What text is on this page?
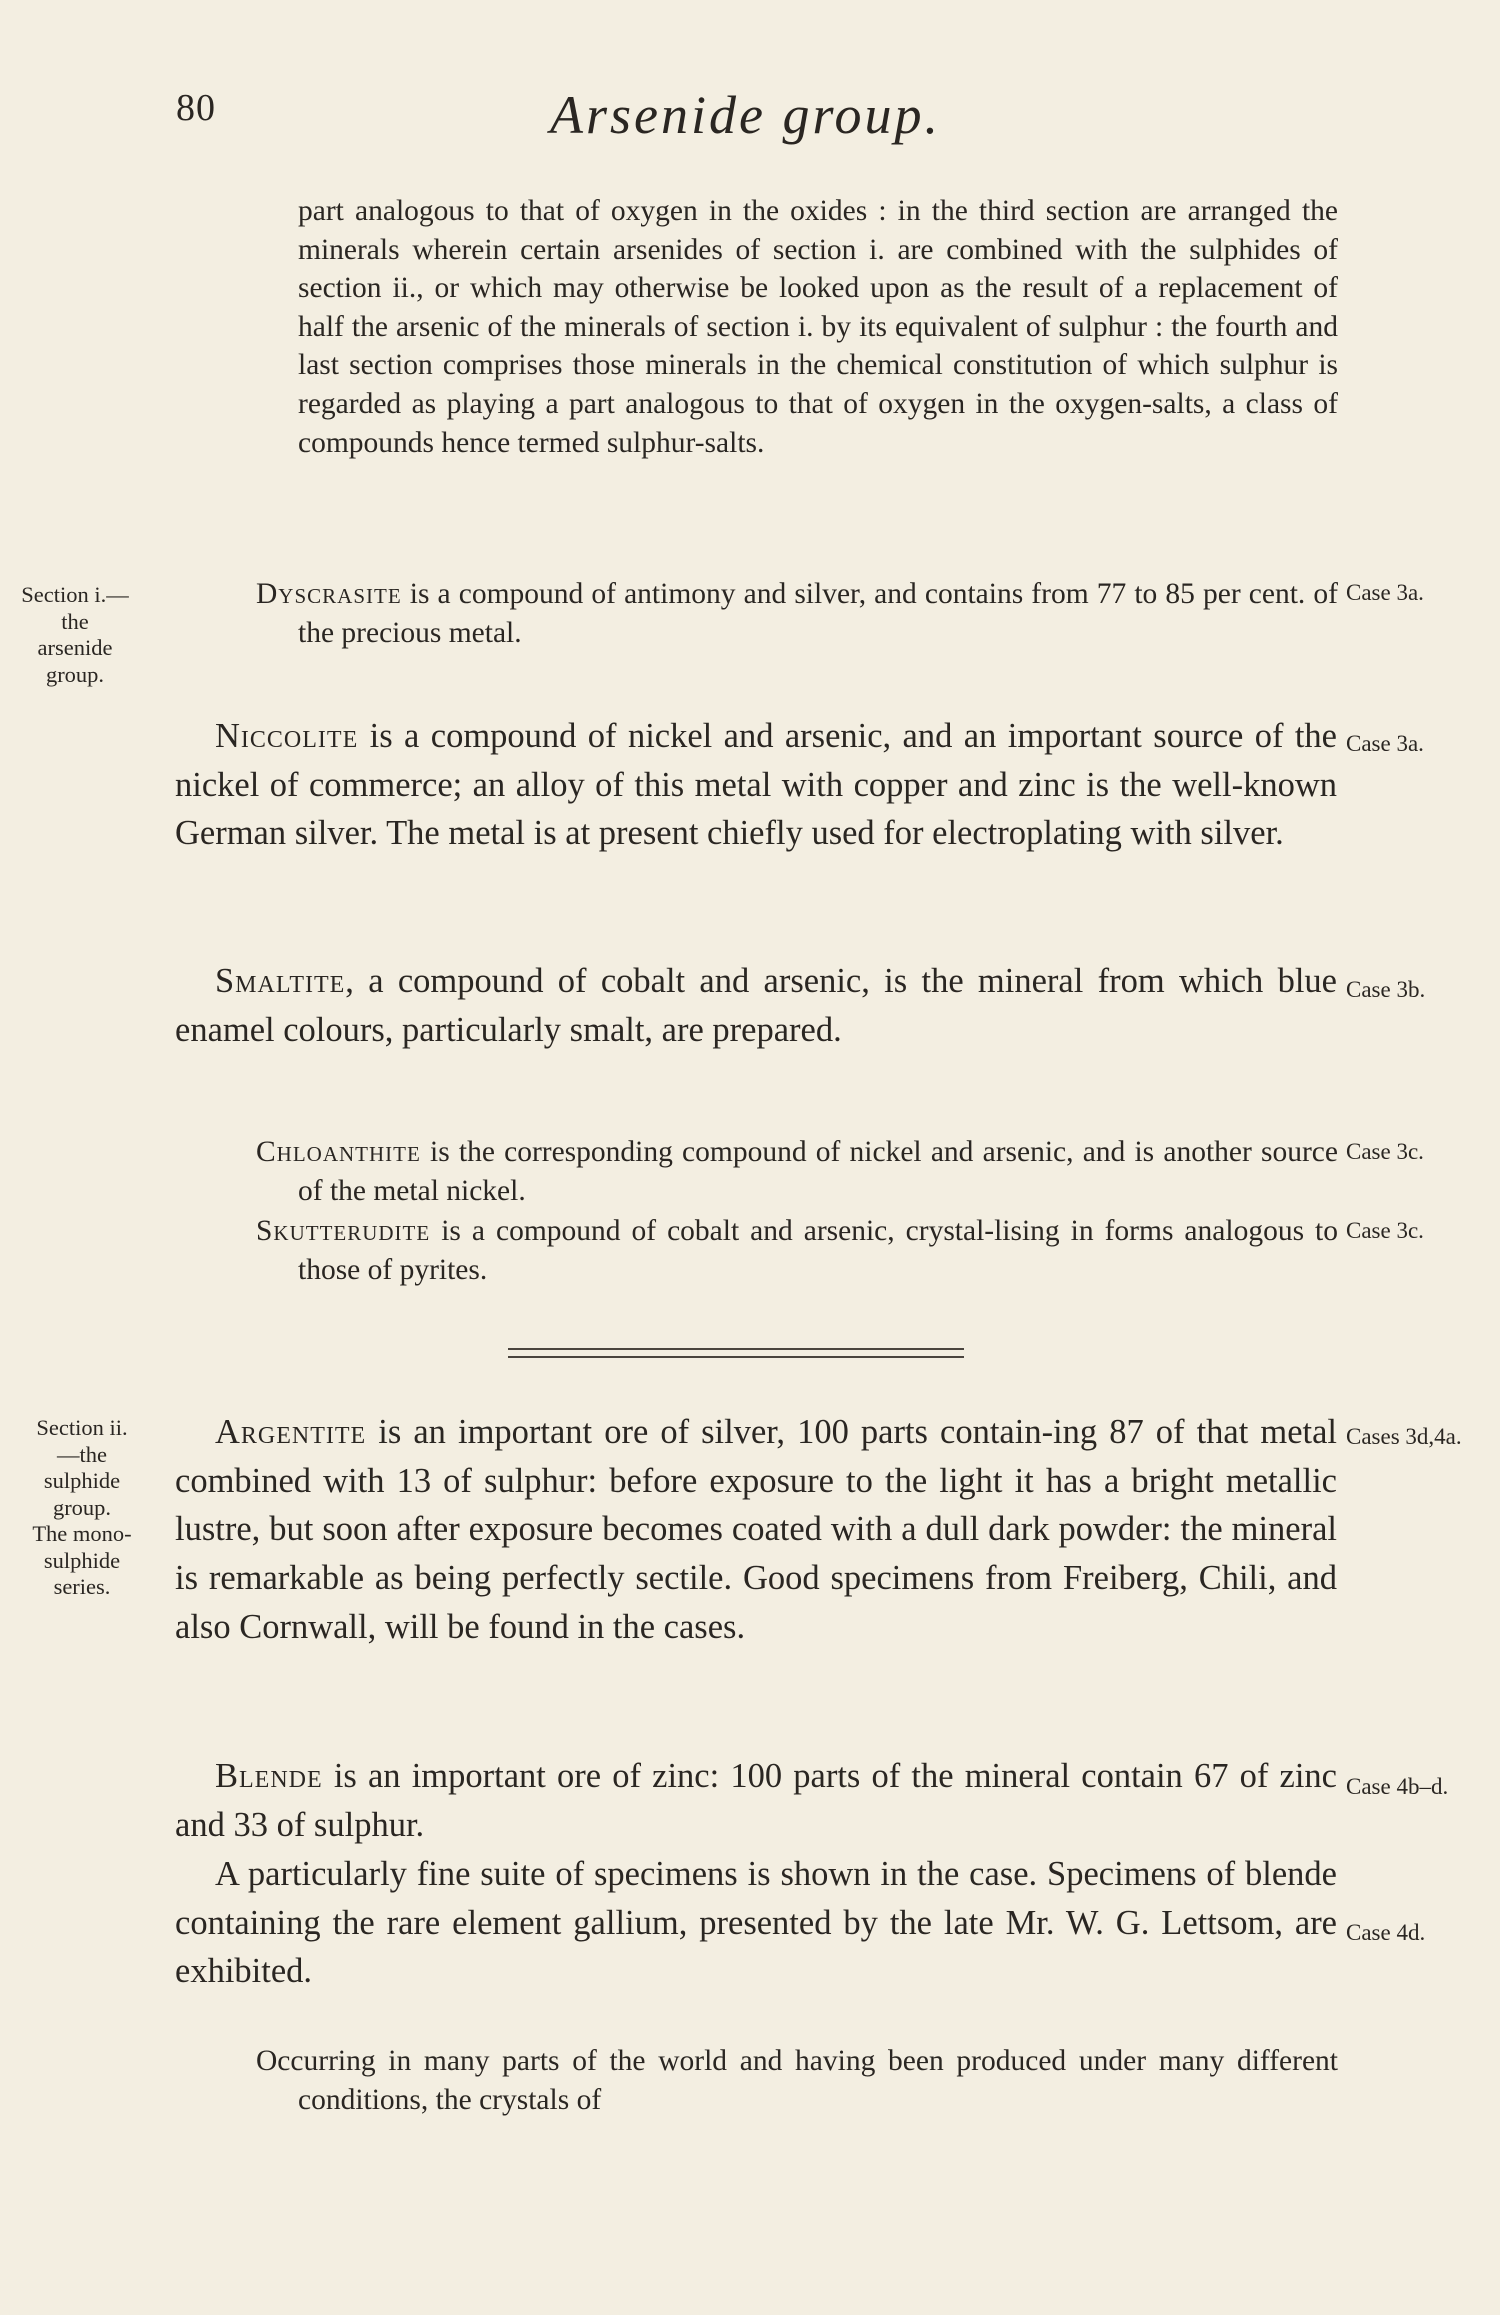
80	Arsenide group.

part analogous to that of oxygen in the oxides : in the third section are arranged the minerals wherein certain arsenides of section i. are combined with the sulphides of section ii., or which may otherwise be looked upon as the result of a replacement of half the arsenic of the minerals of section i. by its equivalent of sulphur : the fourth and last section comprises those minerals in the chemical constitution of which sulphur is regarded as playing a part analogous to that of oxygen in the oxygen-salts, a class of compounds hence termed sulphur-salts.

Section i.—
the
arsenide
group.

Dyscrasite is a compound of antimony and silver, and contains from 77 to 85 per cent. of the precious metal.

Case 3a.

Niccolite is a compound of nickel and arsenic, and an important source of the nickel of commerce; an alloy of this metal with copper and zinc is the well-known German silver. The metal is at present chiefly used for electroplating with silver.

Case 3a.

Smaltite, a compound of cobalt and arsenic, is the mineral from which blue enamel colours, particularly smalt, are prepared.

Case 3b.

Chloanthite is the corresponding compound of nickel and arsenic, and is another source of the metal nickel.

Case 3c.

Skutterudite is a compound of cobalt and arsenic, crystal-lising in forms analogous to those of pyrites.

Case 3c.
Section ii.
—the
sulphide
group.
The mono-
sulphide
series.

Argentite is an important ore of silver, 100 parts contain-ing 87 of that metal combined with 13 of sulphur: before exposure to the light it has a bright metallic lustre, but soon after exposure becomes coated with a dull dark powder: the mineral is remarkable as being perfectly sectile. Good specimens from Freiberg, Chili, and also Cornwall, will be found in the cases.

Cases 3d,4a.

Blende is an important ore of zinc: 100 parts of the mineral contain 67 of zinc and 33 of sulphur.

Case 4b–d.

A particularly fine suite of specimens is shown in the case. Specimens of blende containing the rare element gallium, presented by the late Mr. W. G. Lettsom, are exhibited.

Case 4d.

Occurring in many parts of the world and having been produced under many different conditions, the crystals of
